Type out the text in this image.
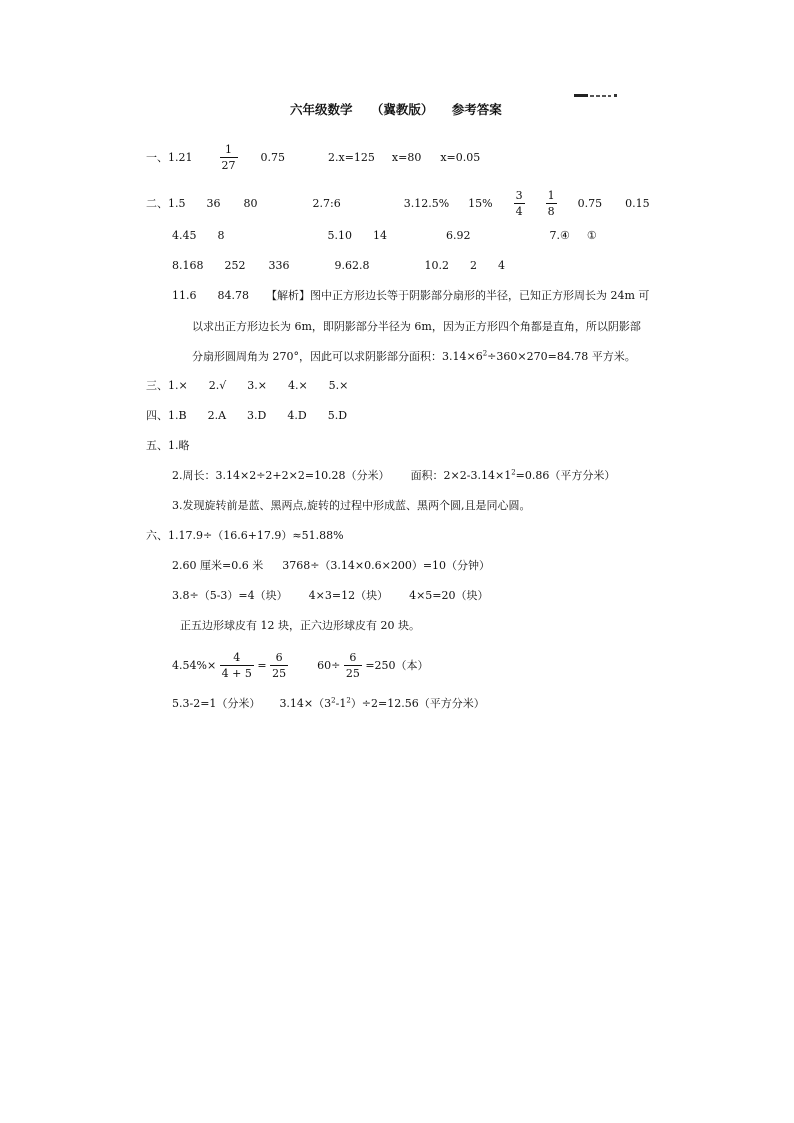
六年级数学 （冀教版） 参考答案
一、$1.21 \frac{1}{27} 0.75$	2.x=125 x=80 x=0.05
二、1.5 36 80	2.7:6	3.12.5% $15\% \frac{3}{4}$
$\frac{1}{8} 0.75$ 0.15
4.45 8	5.10 14	6.92	7.④ ①
8.168 252 336	9.62.8	10.2 2 4
11.6 84.78 【解析】图中正方形边长等于阴影部分扇形的半径，已知正方形周长为 24m 可
以求出正方形边长为 6m，即阴影部分半径为 6m，因为正方形四个角都是直角，所以阴影部
分扇形圆周角为 270°，因此可以求阴影部分面积：$3.14\times 6^2\div 360\times 270=84.78$ 平方米。
三、1.× 2.√ 3.× 4.× 5.×
四、1.B 2.A 3.D 4.D 5.D
五、1.略
2.周长：3.14×2÷2+2×2=10.28（分米） 面积：$2\times 2-3.14\times 1^2=0.86$（平方分米）
3.发现旋转前是蓝、黑两点,旋转的过程中形成蓝、黑两个圆,且是同心圆。
六、1.17.9÷（16.6+17.9）≈51.88%
2.60 厘米=0.6 米 3768÷（3.14×0.6×200）=10（分钟）
3.8÷（5-3）=4（块） 4×3=12（块） 4×5=20（块）
正五边形球皮有 12 块，正六边形球皮有 20 块。
$4.54\%\times \frac{4}{4 + 5} = \frac{6}{25}$	$60\div \frac{6}{25} =250$（本）
5.3-2=1（分米） $3.14\times(3^2-1^2)\div 2=12.56$（平方分米）
